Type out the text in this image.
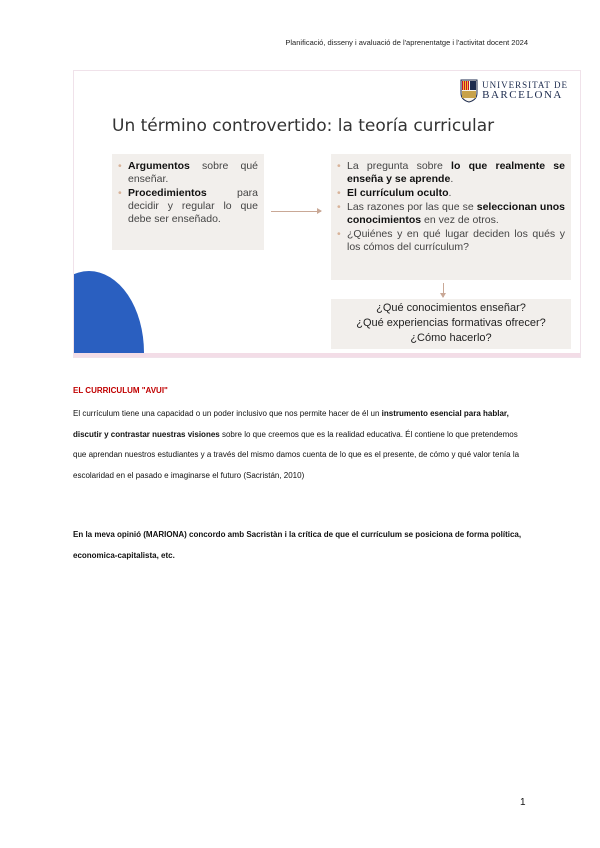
Planificació, disseny i avaluació de l'aprenentatge i l'activitat docent 2024
UNIVERSITAT DE
BARCELONA
Un término controvertido: la teoría curricular
• Argumentos sobre qué enseñar.
• Procedimientos para decidir y regular lo que debe ser enseñado.
• La pregunta sobre lo que realmente se enseña y se aprende.
• El currículum oculto.
• Las razones por las que se seleccionan unos conocimientos en vez de otros.
• ¿Quiénes y en qué lugar deciden los qués y los cómos del currículum?
¿Qué conocimientos enseñar?
¿Qué experiencias formativas ofrecer?
¿Cómo hacerlo?
EL CURRICULUM "AVUI"
El currículum tiene una capacidad o un poder inclusivo que nos permite hacer de él un instrumento esencial para hablar, discutir y contrastar nuestras visiones sobre lo que creemos que es la realidad educativa. Él contiene lo que pretendemos que aprendan nuestros estudiantes y a través del mismo damos cuenta de lo que es el presente, de cómo y qué valor tenía la escolaridad en el pasado e imaginarse el futuro (Sacristán, 2010)
En la meva opinió (MARIONA) concordo amb Sacristàn i la crítica de que el currículum se posiciona de forma política, economica-capitalista, etc.
1
